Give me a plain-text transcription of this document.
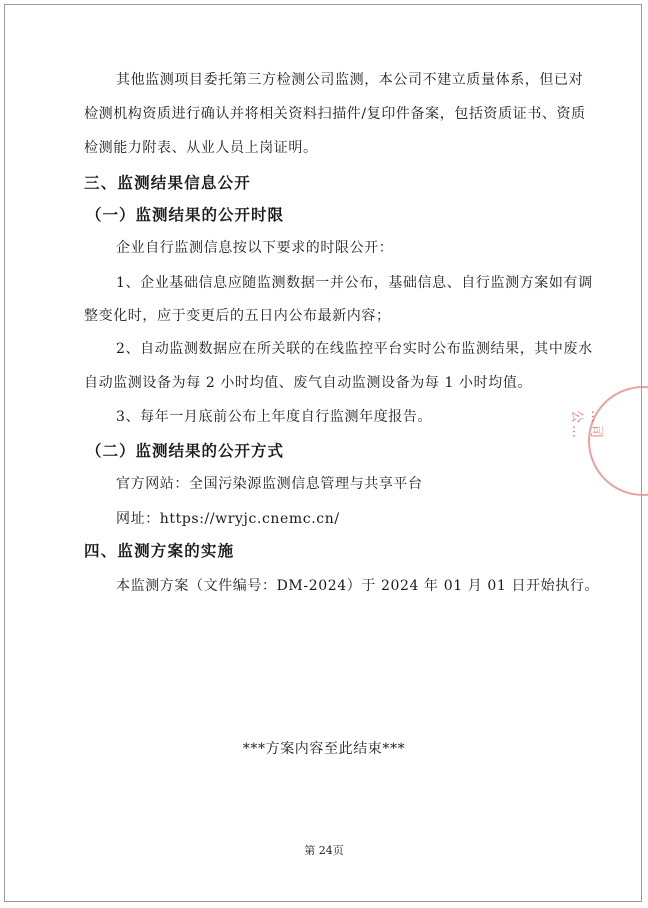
其他监测项目委托第三方检测公司监测，本公司不建立质量体系，但已对
检测机构资质进行确认并将相关资料扫描件/复印件备案，包括资质证书、资质
检测能力附表、从业人员上岗证明。
三、监测结果信息公开
（一）监测结果的公开时限
企业自行监测信息按以下要求的时限公开：
1、企业基础信息应随监测数据一并公布，基础信息、自行监测方案如有调
整变化时，应于变更后的五日内公布最新内容；
2、自动监测数据应在所关联的在线监控平台实时公布监测结果，其中废水
自动监测设备为每 2 小时均值、废气自动监测设备为每 1 小时均值。
3、每年一月底前公布上年度自行监测年度报告。
（二）监测结果的公开方式
官方网站：全国污染源监测信息管理与共享平台
网址：https://wryjc.cnemc.cn/
四、监测方案的实施
本监测方案（文件编号：DM-2024）于 2024 年 01 月 01 日开始执行。
***方案内容至此结束***
第 24页
…司公…
